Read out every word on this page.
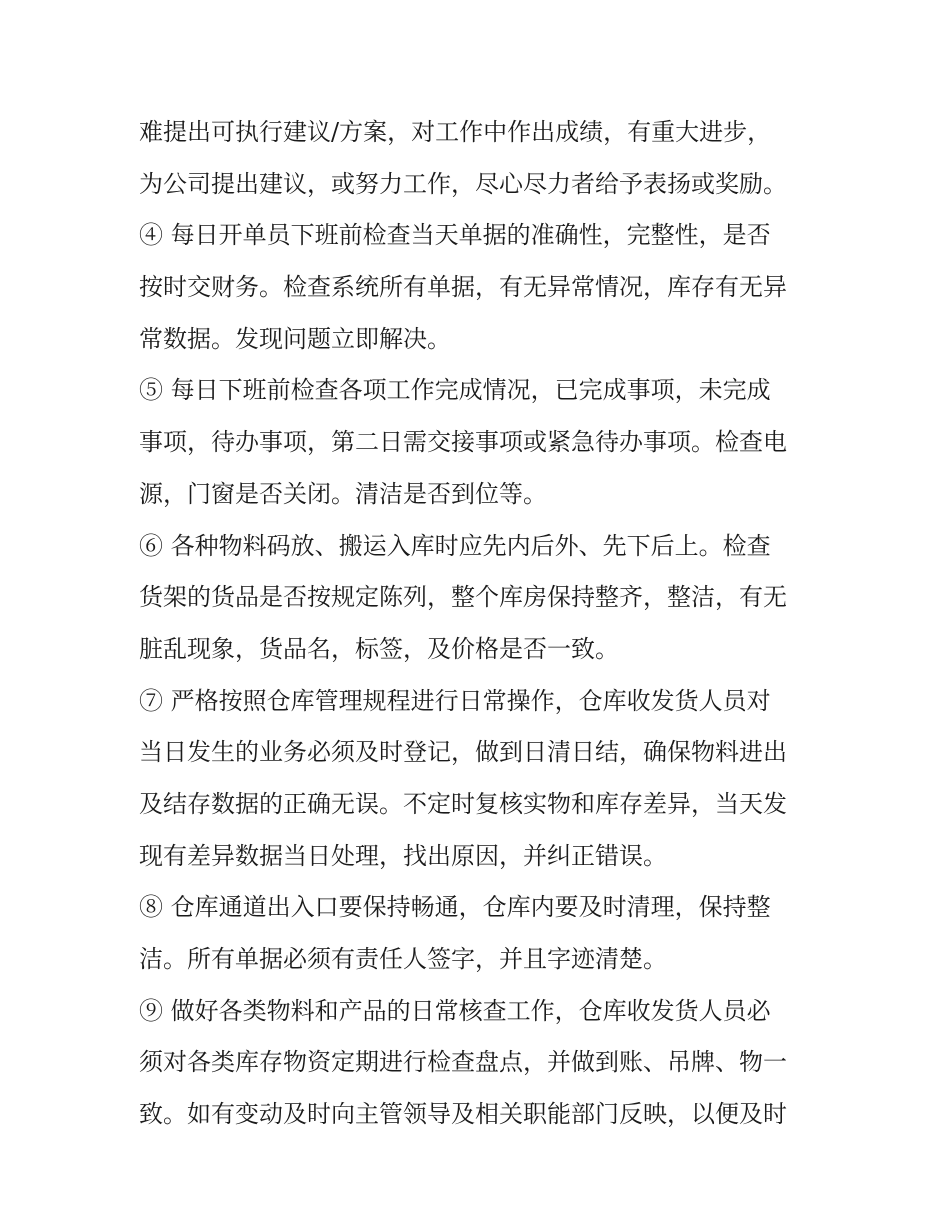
难提出可执行建议/方案，对工作中作出成绩，有重大进步，
为公司提出建议，或努力工作，尽心尽力者给予表扬或奖励。
④ 每日开单员下班前检查当天单据的准确性，完整性，是否
按时交财务。检查系统所有单据，有无异常情况，库存有无异
常数据。发现问题立即解决。
⑤ 每日下班前检查各项工作完成情况，已完成事项，未完成
事项，待办事项，第二日需交接事项或紧急待办事项。检查电
源，门窗是否关闭。清洁是否到位等。
⑥ 各种物料码放、搬运入库时应先内后外、先下后上。检查
货架的货品是否按规定陈列，整个库房保持整齐，整洁，有无
脏乱现象，货品名，标签，及价格是否一致。
⑦ 严格按照仓库管理规程进行日常操作，仓库收发货人员对
当日发生的业务必须及时登记，做到日清日结，确保物料进出
及结存数据的正确无误。不定时复核实物和库存差异，当天发
现有差异数据当日处理，找出原因，并纠正错误。
⑧ 仓库通道出入口要保持畅通，仓库内要及时清理，保持整
洁。所有单据必须有责任人签字，并且字迹清楚。
⑨ 做好各类物料和产品的日常核查工作，仓库收发货人员必
须对各类库存物资定期进行检查盘点，并做到账、吊牌、物一
致。如有变动及时向主管领导及相关职能部门反映，以便及时
